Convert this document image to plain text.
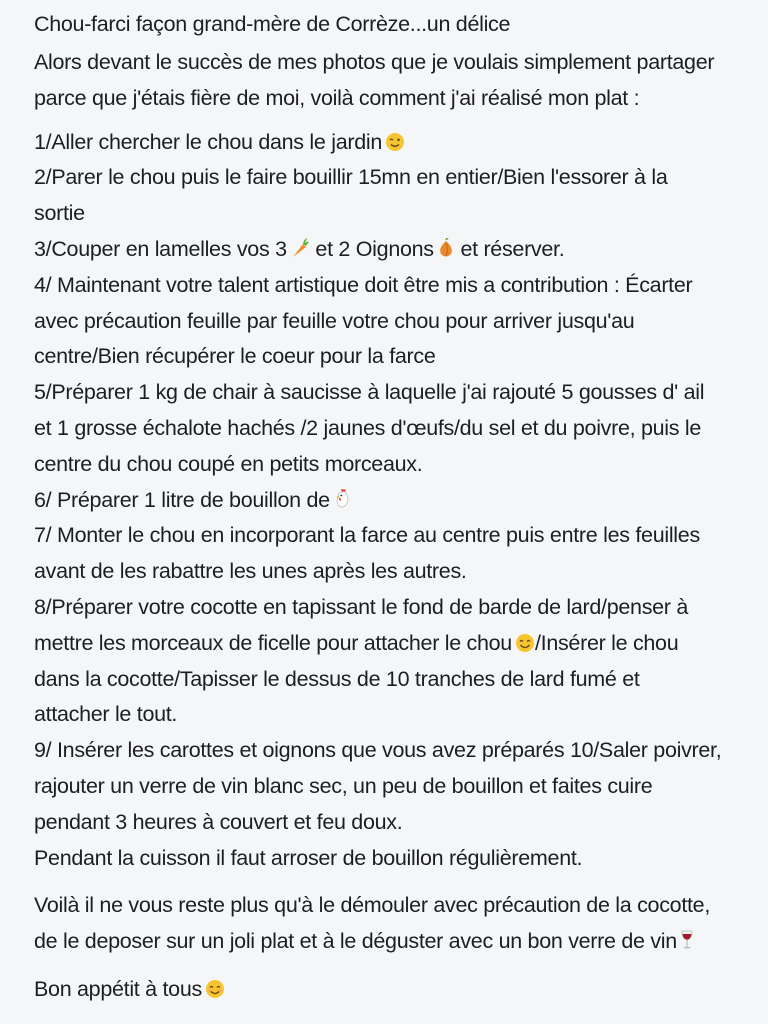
Chou-farci façon grand-mère de Corrèze...un délice
Alors devant le succès de mes photos que je voulais simplement partager
parce que j'étais fière de moi, voilà comment j'ai réalisé mon plat :
1/Aller chercher le chou dans le jardin
2/Parer le chou puis le faire bouillir 15mn en entier/Bien l'essorer à la
sortie
3/Couper en lamelles vos 3 et 2 Oignons et réserver.
4/ Maintenant votre talent artistique doit être mis a contribution : Écarter
avec précaution feuille par feuille votre chou pour arriver jusqu'au
centre/Bien récupérer le coeur pour la farce
5/Préparer 1 kg de chair à saucisse à laquelle j'ai rajouté 5 gousses d' ail
et 1 grosse échalote hachés /2 jaunes d'œufs/du sel et du poivre, puis le
centre du chou coupé en petits morceaux.
6/ Préparer 1 litre de bouillon de
7/ Monter le chou en incorporant la farce au centre puis entre les feuilles
avant de les rabattre les unes après les autres.
8/Préparer votre cocotte en tapissant le fond de barde de lard/penser à
mettre les morceaux de ficelle pour attacher le chou /Insérer le chou
dans la cocotte/Tapisser le dessus de 10 tranches de lard fumé et
attacher le tout.
9/ Insérer les carottes et oignons que vous avez préparés 10/Saler poivrer,
rajouter un verre de vin blanc sec, un peu de bouillon et faites cuire
pendant 3 heures à couvert et feu doux.
Pendant la cuisson il faut arroser de bouillon régulièrement.
Voilà il ne vous reste plus qu'à le démouler avec précaution de la cocotte,
de le deposer sur un joli plat et à le déguster avec un bon verre de vin
Bon appétit à tous
